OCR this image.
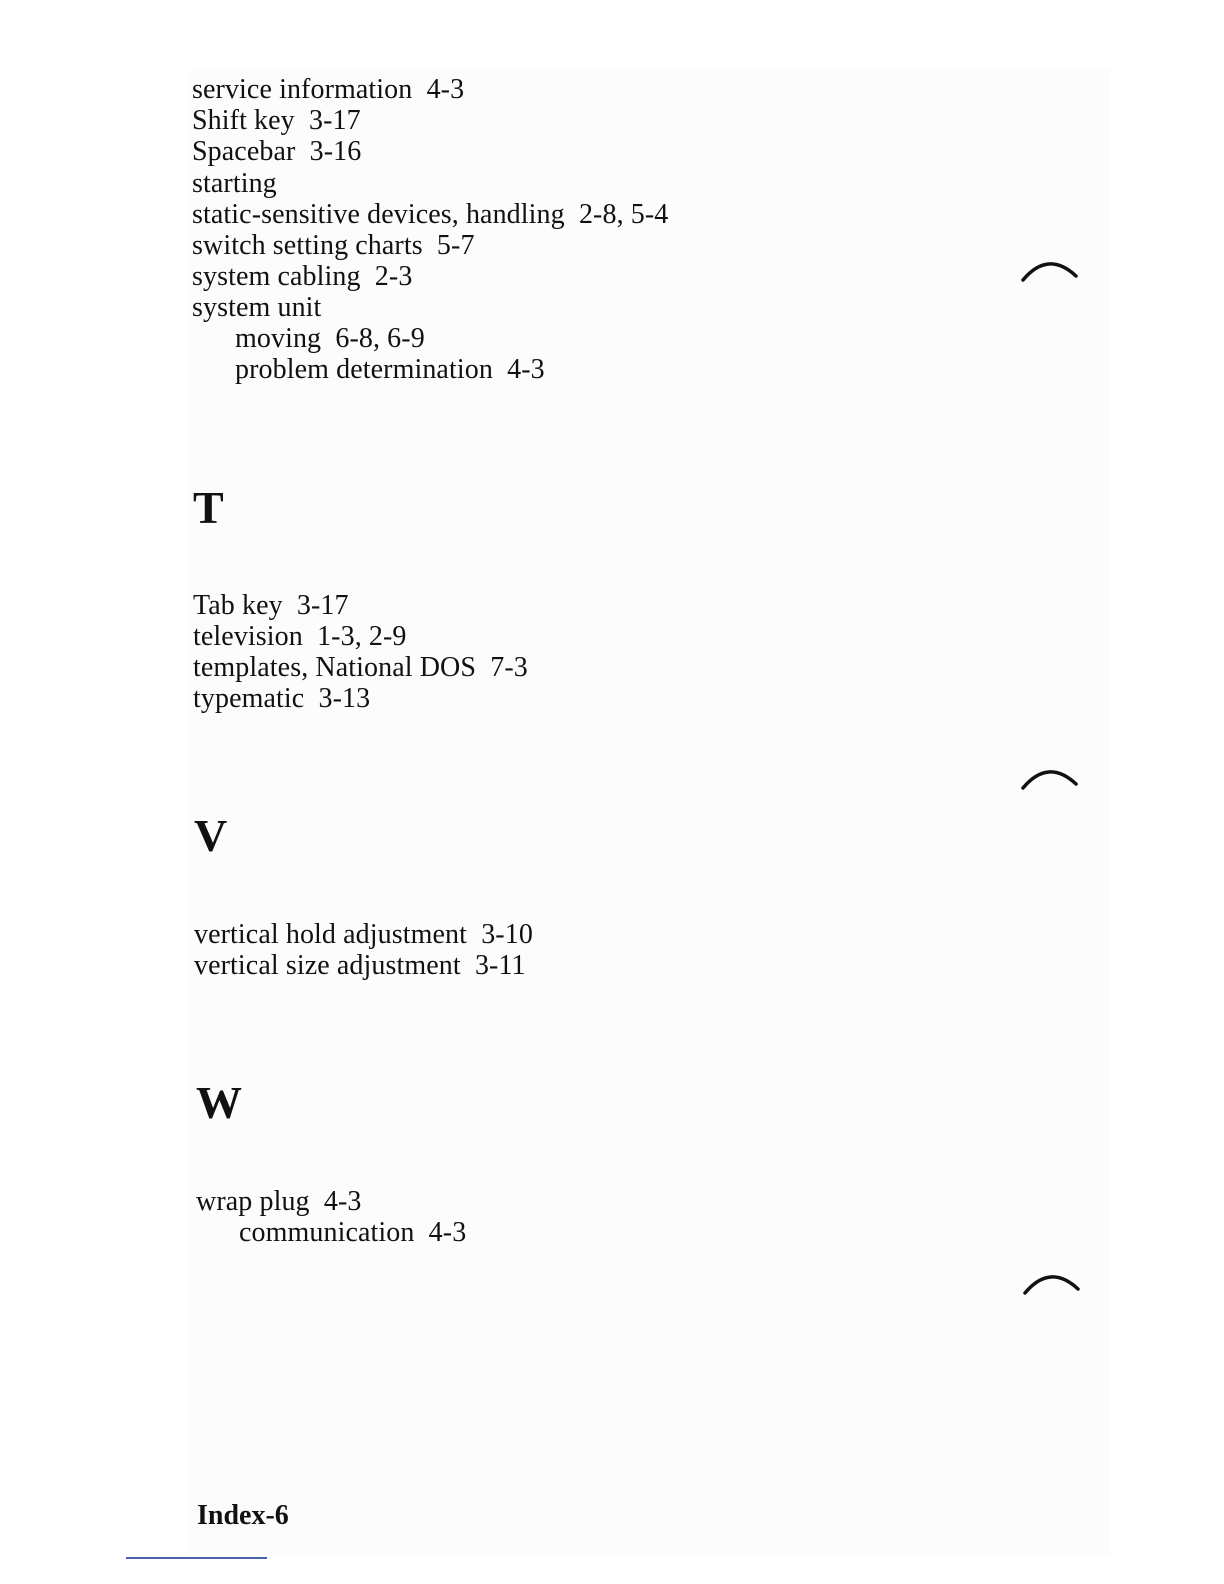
service information  4-3
Shift key  3-17
Spacebar  3-16
starting
static-sensitive devices, handling  2-8, 5-4
switch setting charts  5-7
system cabling  2-3
system unit
moving  6-8, 6-9
problem determination  4-3
T
Tab key  3-17
television  1-3, 2-9
templates, National DOS  7-3
typematic  3-13
V
vertical hold adjustment  3-10
vertical size adjustment  3-11
W
wrap plug  4-3
communication  4-3
Index-6
